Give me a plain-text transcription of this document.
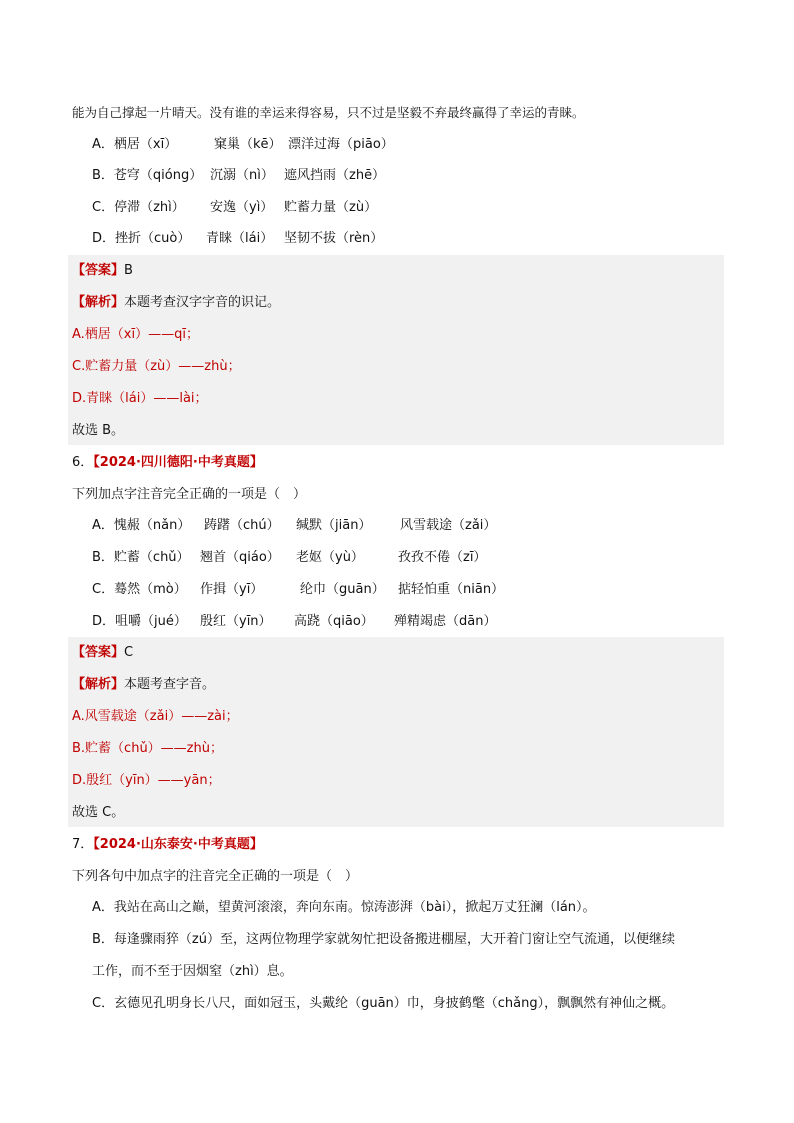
能为自己撑起一片晴天。没有谁的幸运来得容易，只不过是坚毅不弃最终赢得了幸运的青睐。
A．栖居（xī）	窠巢（kē） 漂洋过海（piāo）
B．苍穹（qióng） 沉溺（nì） 遮风挡雨（zhē）
C．停滞（zhì） 安逸（yì） 贮蓄力量（zù）
D．挫折（cuò） 青睐（lái） 坚韧不拔（rèn）
【答案】B
【解析】本题考查汉字字音的识记。
A.栖居（xī）——qī；
C.贮蓄力量（zù）——zhù；
D.青睐（lái）——lài；
故选 B。
6．【2024·四川德阳·中考真题】
下列加点字注音完全正确的一项是（　）
A．愧赧（nǎn） 踌躇（chú） 缄默（jiān） 风雪载途（zǎi）
B．贮蓄（chǔ） 翘首（qiáo） 老妪（yù）	孜孜不倦（zī）
C．蓦然（mò） 作揖（yī）	纶巾（guān） 掂轻怕重（niān）
D．咀嚼（jué） 殷红（yīn） 高跷（qiāo） 殚精竭虑（dān）
【答案】C
【解析】本题考查字音。
A.风雪载途（zǎi）——zài；
B.贮蓄（chǔ）——zhù；
D.殷红（yīn）——yān；
故选 C。
7．【2024·山东泰安·中考真题】
下列各句中加点字的注音完全正确的一项是（　）
A．我站在高山之巅，望黄河滚滚，奔向东南。惊涛澎湃（bài），掀起万丈狂澜（lán）。
B．每逢骤雨猝（zú）至，这两位物理学家就匆忙把设备搬进棚屋，大开着门窗让空气流通，以便继续
工作，而不至于因烟窒（zhì）息。
C．玄德见孔明身长八尺，面如冠玉，头戴纶（guān）巾，身披鹤氅（chǎng），飘飘然有神仙之概。
